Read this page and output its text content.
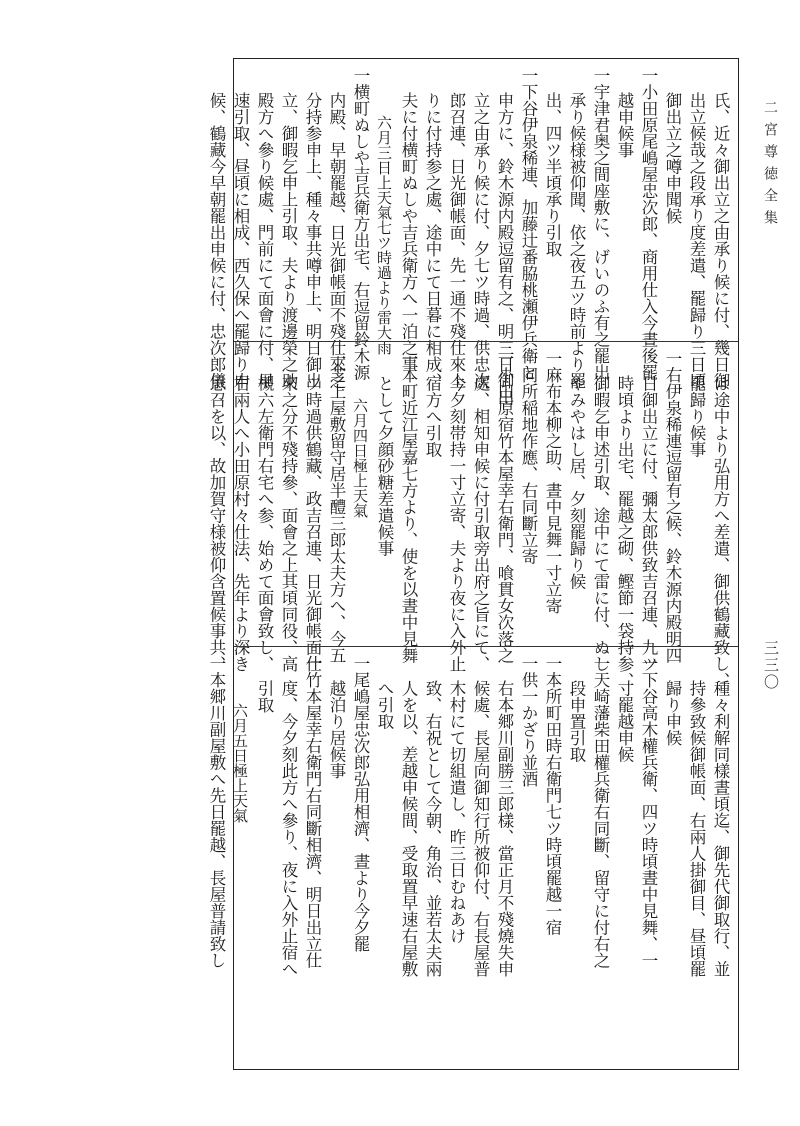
二宮尊徳全集
三三〇
氏、近々御出立之由承り候に付、幾日御
出立候哉之段承り度差遣、罷歸り三日頃
御出立之噂申聞候
一小田原尾嶋屋忠次郎、商用仕入今晝後罷
越申候事
一宇津君奥之間座敷に、げいのふ有之罷出
承り候様被仰聞、依之夜五ツ時前より罷
出、四ツ半頃承り引取
一下谷伊泉稀連、加藤辻番脇桃瀬伊兵衛と
申方に、鈴木源内殿逗留有之、明三日御出
立之由承り候に付、夕七ツ時過、供忠次
郎召連、日光御帳面、先一通不殘仕來上
りに付持参之處、途中にて日暮に相成、
夫に付横町ぬしや吉兵衛方へ一泊之事
六月三日上天氣七ツ時過より雷大雨
一横町ぬしや吉兵衛方出宅、右逗留鈴木源
内殿、早朝罷越、日光御帳面不殘仕來之
分持参申上、種々事共噂申上、明日御出
立、御暇乞申上引取、夫より渡邊榮之助
殿方へ參り候處、門前にて面會に付、早
速引取、昼頃に相成、西久保へ罷歸り申
候、鶴藏今早朝罷出申候に付、忠次郎儀
は途中より弘用方へ差遣、御供鶴藏致し、
罷歸り候事
一右伊泉稀連逗留有之候、鈴木源内殿明四
日御出立に付、彌太郎供致吉召連、九ツ
時頃より出宅、罷越之砌、鰹節一袋持参、
御暇乞申述引取、途中にて雷に付、ぬし
やみやはし居、夕刻罷歸り候
一麻布本柳之助、晝中見舞一寸立寄
一同所稲地作應、右同斷立寄
一小田原宿竹本屋幸右衛門、喰貫女次落之
處、相知申候に付引取旁出府之旨にて、
今夕刻帯持一寸立寄、夫より夜に入外止
宿方へ引取
一本町近江屋嘉七方より、使を以晝中見舞
として夕顔砂糖差遣候事
六月四日極上天氣
一芝上屋敷留守居半醴三郎太夫方へ、今五
ツ時過供鶴藏、政吉召連、日光御帳面仕
來之分不殘持參、面會之上其頃同役、高
槻六左衛門右宅へ参、始めて面會致し、
右兩人へ小田原村々仕法、先年より深き
思召を以、故加賀守様被仰含置候事共、
種々利解同樣晝頃迄、御先代御取行、並
持參致候御帳面、右兩人掛御目、昼頃罷
歸り申候
一下谷高木權兵衛、四ツ時頃晝中見舞、一
寸罷越申候
一天崎藩柴田權兵衛右同斷、留守に付右之
段申置引取
一本所町田時右衛門七ツ時頃罷越一宿
一供一かざり並酒
右本郷川副勝三郎樣、當正月不殘燒失申
候處、長屋向御知行所被仰付、右長屋普
木村にて切組遣し、昨三日むねあけ
致、右祝として今朝、角治、並若太夫兩
人を以、差越申候間、受取置早速右屋敷
へ引取
一尾嶋屋忠次郎弘用相濟、晝より今夕罷
越泊り居候事
一竹本屋幸右衛門右同斷相濟、明日出立仕
度、今夕刻此方へ參り、夜に入外止宿へ
引取
六月五日極上天氣
一本郷川副屋敷へ先日罷越、長屋普請致し
